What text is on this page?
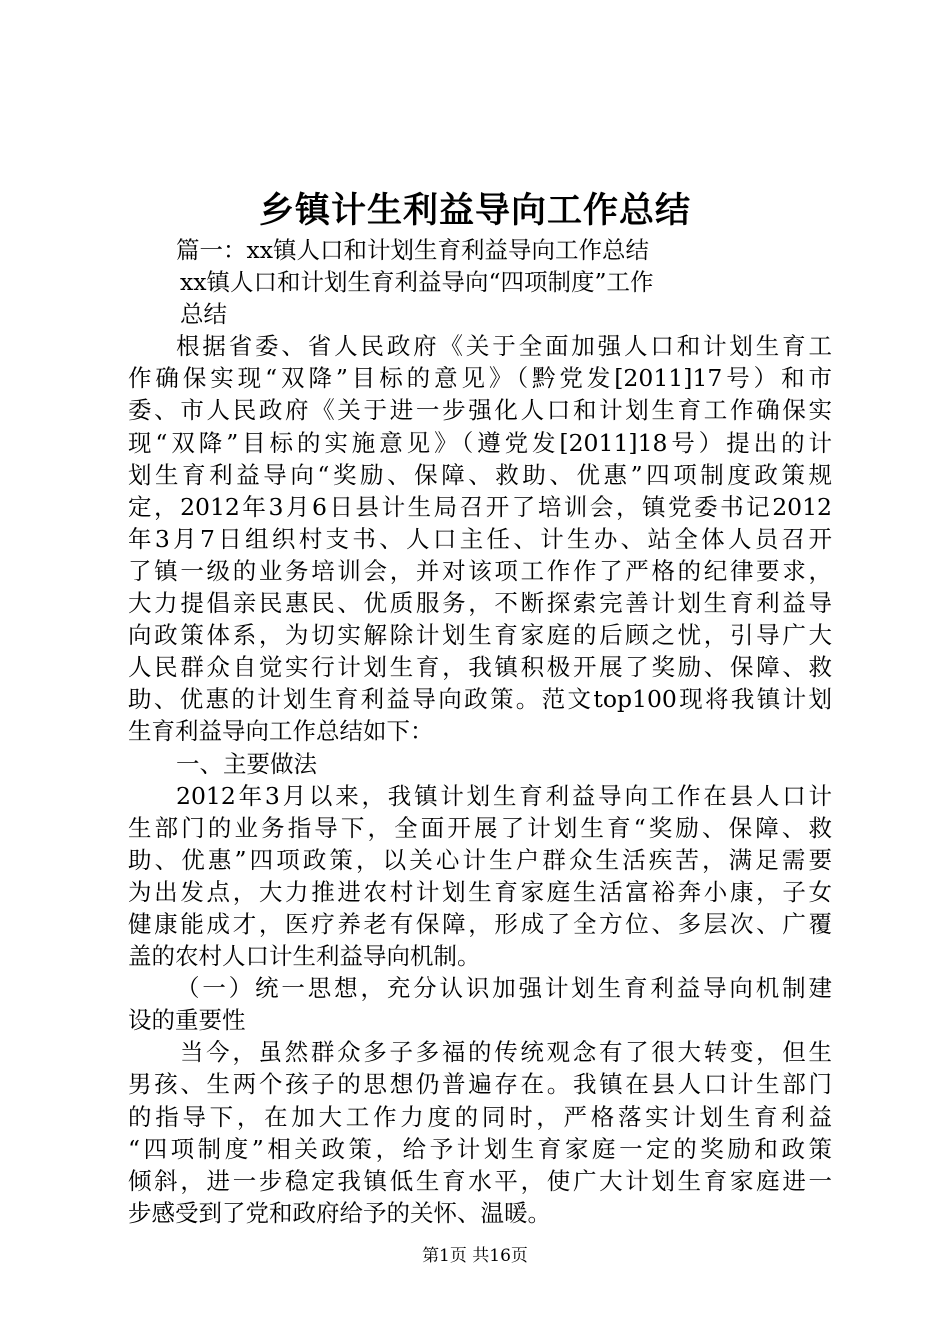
乡镇计生利益导向工作总结
篇一：xx镇人口和计划生育利益导向工作总结
xx镇人口和计划生育利益导向“四项制度”工作
总结
根据省委、省人民政府《关于全面加强人口和计划生育工
作确保实现“双降”目标的意见》（黔党发[2011]17号）和市
委、市人民政府《关于进一步强化人口和计划生育工作确保实
现“双降”目标的实施意见》（遵党发[2011]18号）提出的计
划生育利益导向“奖励、保障、救助、优惠”四项制度政策规
定，2012年3月6日县计生局召开了培训会，镇党委书记2012
年3月7日组织村支书、人口主任、计生办、站全体人员召开
了镇一级的业务培训会，并对该项工作作了严格的纪律要求，
大力提倡亲民惠民、优质服务，不断探索完善计划生育利益导
向政策体系，为切实解除计划生育家庭的后顾之忧，引导广大
人民群众自觉实行计划生育，我镇积极开展了奖励、保障、救
助、优惠的计划生育利益导向政策。范文top100现将我镇计划
生育利益导向工作总结如下：
一、主要做法
2012年3月以来，我镇计划生育利益导向工作在县人口计
生部门的业务指导下，全面开展了计划生育“奖励、保障、救
助、优惠”四项政策，以关心计生户群众生活疾苦，满足需要
为出发点，大力推进农村计划生育家庭生活富裕奔小康，子女
健康能成才，医疗养老有保障，形成了全方位、多层次、广覆
盖的农村人口计生利益导向机制。
（一）统一思想，充分认识加强计划生育利益导向机制建
设的重要性
当今，虽然群众多子多福的传统观念有了很大转变，但生
男孩、生两个孩子的思想仍普遍存在。我镇在县人口计生部门
的指导下，在加大工作力度的同时，严格落实计划生育利益
“四项制度”相关政策，给予计划生育家庭一定的奖励和政策
倾斜，进一步稳定我镇低生育水平，使广大计划生育家庭进一
步感受到了党和政府给予的关怀、温暖。
第1页 共16页
